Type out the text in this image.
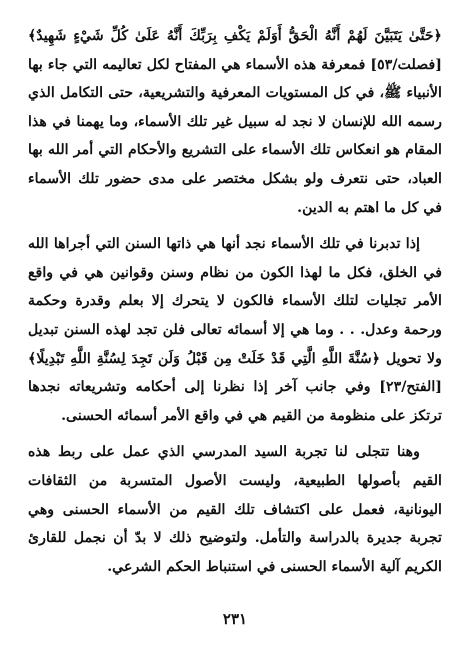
﴿حَتَّىٰ يَتَبَيَّنَ لَهُمْ أَنَّهُ الْحَقُّ أَوَلَمْ يَكْفِ بِرَبِّكَ أَنَّهُ عَلَىٰ كُلِّ شَيْءٍ شَهِيدٌ﴾ [فصلت/٥٣] فمعرفة هذه الأسماء هي المفتاح لكل تعاليمه التي جاء بها الأنبياء ﷺ، في كل المستويات المعرفية والتشريعية، حتى التكامل الذي رسمه الله للإنسان لا نجد له سبيل غير تلك الأسماء، وما يهمنا في هذا المقام هو انعكاس تلك الأسماء على التشريع والأحكام التي أمر الله بها العباد، حتى نتعرف ولو بشكل مختصر على مدى حضور تلك الأسماء في كل ما اهتم به الدين.

إذا تدبرنا في تلك الأسماء نجد أنها هي ذاتها السنن التي أجراها الله في الخلق، فكل ما لهذا الكون من نظام وسنن وقوانين هي في واقع الأمر تجليات لتلك الأسماء فالكون لا يتحرك إلا بعلم وقدرة وحكمة ورحمة وعدل. . . وما هي إلا أسمائه تعالى فلن تجد لهذه السنن تبديل ولا تحويل ﴿سُنَّةَ اللَّهِ الَّتِي قَدْ خَلَتْ مِن قَبْلُ وَلَن تَجِدَ لِسُنَّةِ اللَّهِ تَبْدِيلًا﴾ [الفتح/٢٣] وفي جانب آخر إذا نظرنا إلى أحكامه وتشريعاته نجدها ترتكز على منظومة من القيم هي في واقع الأمر أسمائه الحسنى.

وهنا تتجلى لنا تجربة السيد المدرسي الذي عمل على ربط هذه القيم بأصولها الطبيعية، وليست الأصول المتسربة من الثقافات اليونانية، فعمل على اكتشاف تلك القيم من الأسماء الحسنى وهي تجربة جديرة بالدراسة والتأمل. ولتوضيح ذلك لا بدّ أن نجمل للقارئ الكريم آلية الأسماء الحسنى في استنباط الحكم الشرعي.

٢٣١
